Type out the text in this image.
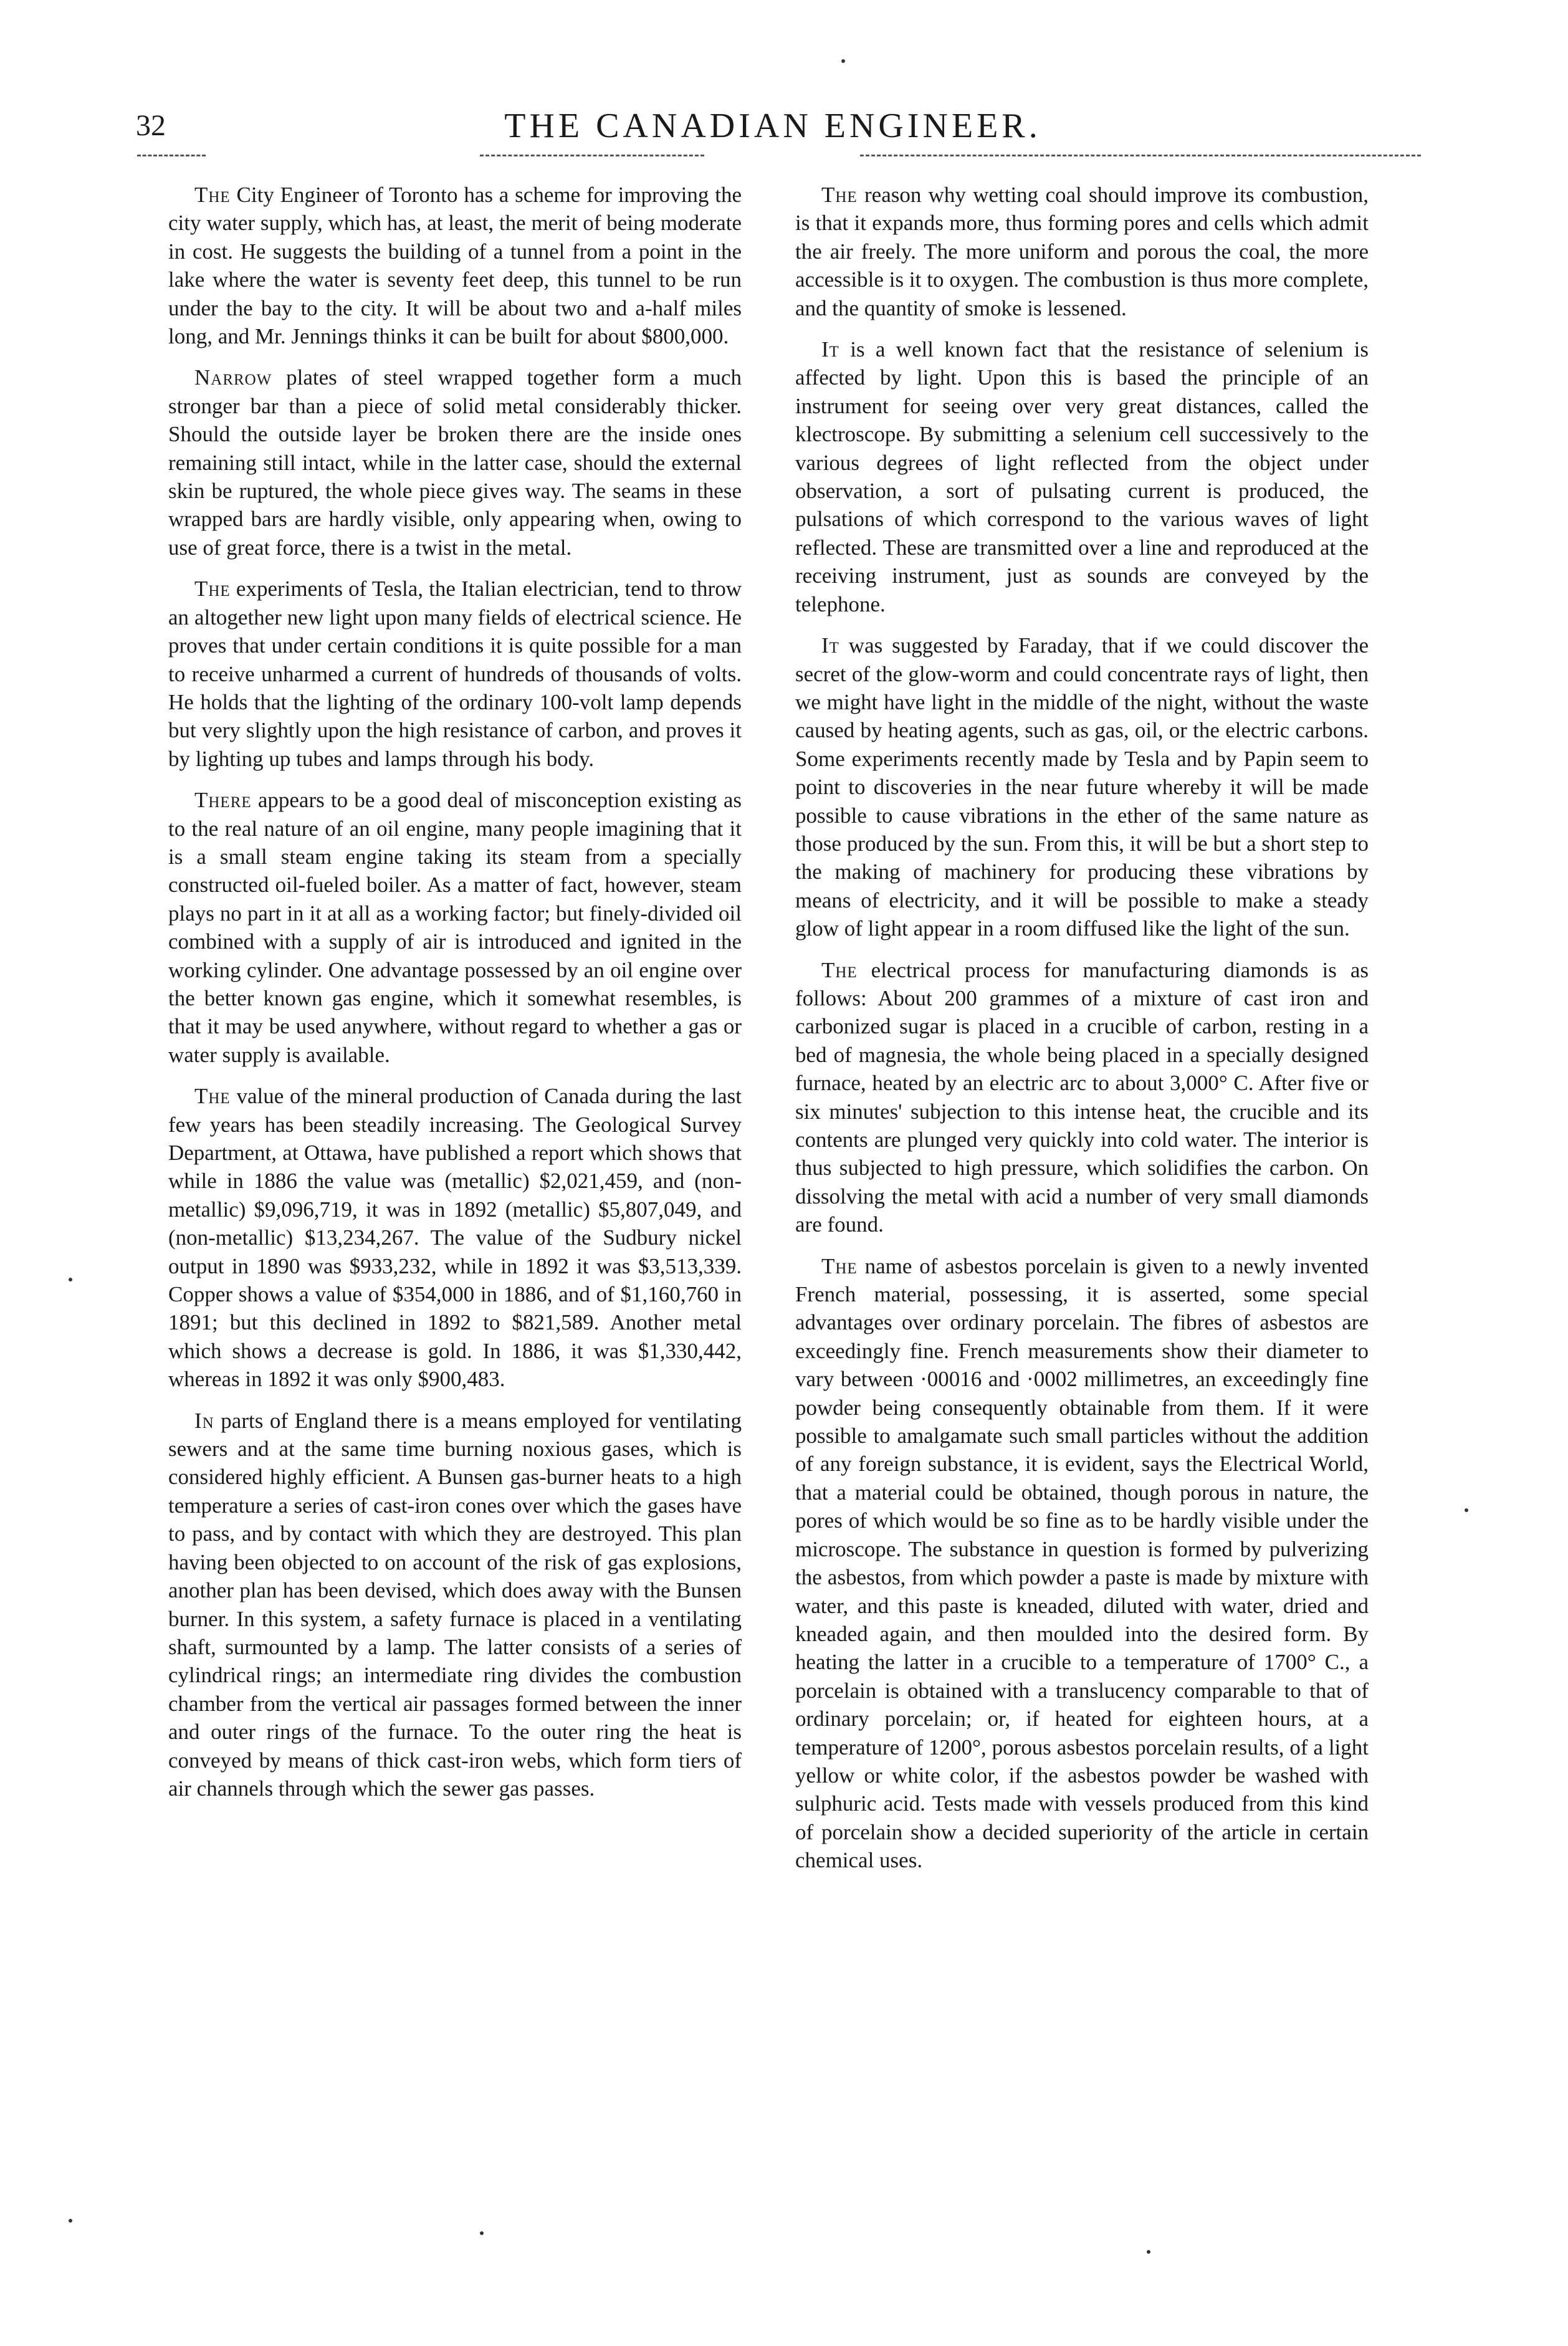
32	THE CANADIAN ENGINEER.

The City Engineer of Toronto has a scheme for improving the city water supply, which has, at least, the merit of being moderate in cost. He suggests the building of a tunnel from a point in the lake where the water is seventy feet deep, this tunnel to be run under the bay to the city. It will be about two and a-half miles long, and Mr. Jennings thinks it can be built for about $800,000.

Narrow plates of steel wrapped together form a much stronger bar than a piece of solid metal considerably thicker. Should the outside layer be broken there are the inside ones remaining still intact, while in the latter case, should the external skin be ruptured, the whole piece gives way. The seams in these wrapped bars are hardly visible, only appearing when, owing to use of great force, there is a twist in the metal.

The experiments of Tesla, the Italian electrician, tend to throw an altogether new light upon many fields of electrical science. He proves that under certain conditions it is quite possible for a man to receive unharmed a current of hundreds of thousands of volts. He holds that the lighting of the ordinary 100-volt lamp depends but very slightly upon the high resistance of carbon, and proves it by lighting up tubes and lamps through his body.

There appears to be a good deal of misconception existing as to the real nature of an oil engine, many people imagining that it is a small steam engine taking its steam from a specially constructed oil-fueled boiler. As a matter of fact, however, steam plays no part in it at all as a working factor; but finely-divided oil combined with a supply of air is introduced and ignited in the working cylinder. One advantage possessed by an oil engine over the better known gas engine, which it somewhat resembles, is that it may be used anywhere, without regard to whether a gas or water supply is available.

The value of the mineral production of Canada during the last few years has been steadily increasing. The Geological Survey Department, at Ottawa, have published a report which shows that while in 1886 the value was (metallic) $2,021,459, and (non-metallic) $9,096,719, it was in 1892 (metallic) $5,807,049, and (non-metallic) $13,234,267. The value of the Sudbury nickel output in 1890 was $933,232, while in 1892 it was $3,513,339. Copper shows a value of $354,000 in 1886, and of $1,160,760 in 1891; but this declined in 1892 to $821,589. Another metal which shows a decrease is gold. In 1886, it was $1,330,442, whereas in 1892 it was only $900,483.

In parts of England there is a means employed for ventilating sewers and at the same time burning noxious gases, which is considered highly efficient. A Bunsen gas-burner heats to a high temperature a series of cast-iron cones over which the gases have to pass, and by contact with which they are destroyed. This plan having been objected to on account of the risk of gas explosions, another plan has been devised, which does away with the Bunsen burner. In this system, a safety furnace is placed in a ventilating shaft, surmounted by a lamp. The latter consists of a series of cylindrical rings; an intermediate ring divides the combustion chamber from the vertical air passages formed between the inner and outer rings of the furnace. To the outer ring the heat is conveyed by means of thick cast-iron webs, which form tiers of air channels through which the sewer gas passes.

The reason why wetting coal should improve its combustion, is that it expands more, thus forming pores and cells which admit the air freely. The more uniform and porous the coal, the more accessible is it to oxygen. The combustion is thus more complete, and the quantity of smoke is lessened.

It is a well known fact that the resistance of selenium is affected by light. Upon this is based the principle of an instrument for seeing over very great distances, called the klectroscope. By submitting a selenium cell successively to the various degrees of light reflected from the object under observation, a sort of pulsating current is produced, the pulsations of which correspond to the various waves of light reflected. These are transmitted over a line and reproduced at the receiving instrument, just as sounds are conveyed by the telephone.

It was suggested by Faraday, that if we could discover the secret of the glow-worm and could concentrate rays of light, then we might have light in the middle of the night, without the waste caused by heating agents, such as gas, oil, or the electric carbons. Some experiments recently made by Tesla and by Papin seem to point to discoveries in the near future whereby it will be made possible to cause vibrations in the ether of the same nature as those produced by the sun. From this, it will be but a short step to the making of machinery for producing these vibrations by means of electricity, and it will be possible to make a steady glow of light appear in a room diffused like the light of the sun.

The electrical process for manufacturing diamonds is as follows: About 200 grammes of a mixture of cast iron and carbonized sugar is placed in a crucible of carbon, resting in a bed of magnesia, the whole being placed in a specially designed furnace, heated by an electric arc to about 3,000° C. After five or six minutes' subjection to this intense heat, the crucible and its contents are plunged very quickly into cold water. The interior is thus subjected to high pressure, which solidifies the carbon. On dissolving the metal with acid a number of very small diamonds are found.

The name of asbestos porcelain is given to a newly invented French material, possessing, it is asserted, some special advantages over ordinary porcelain. The fibres of asbestos are exceedingly fine. French measurements show their diameter to vary between ·00016 and ·0002 millimetres, an exceedingly fine powder being consequently obtainable from them. If it were possible to amalgamate such small particles without the addition of any foreign substance, it is evident, says the Electrical World, that a material could be obtained, though porous in nature, the pores of which would be so fine as to be hardly visible under the microscope. The substance in question is formed by pulverizing the asbestos, from which powder a paste is made by mixture with water, and this paste is kneaded, diluted with water, dried and kneaded again, and then moulded into the desired form. By heating the latter in a crucible to a temperature of 1700° C., a porcelain is obtained with a translucency comparable to that of ordinary porcelain; or, if heated for eighteen hours, at a temperature of 1200°, porous asbestos porcelain results, of a light yellow or white color, if the asbestos powder be washed with sulphuric acid. Tests made with vessels produced from this kind of porcelain show a decided superiority of the article in certain chemical uses.
